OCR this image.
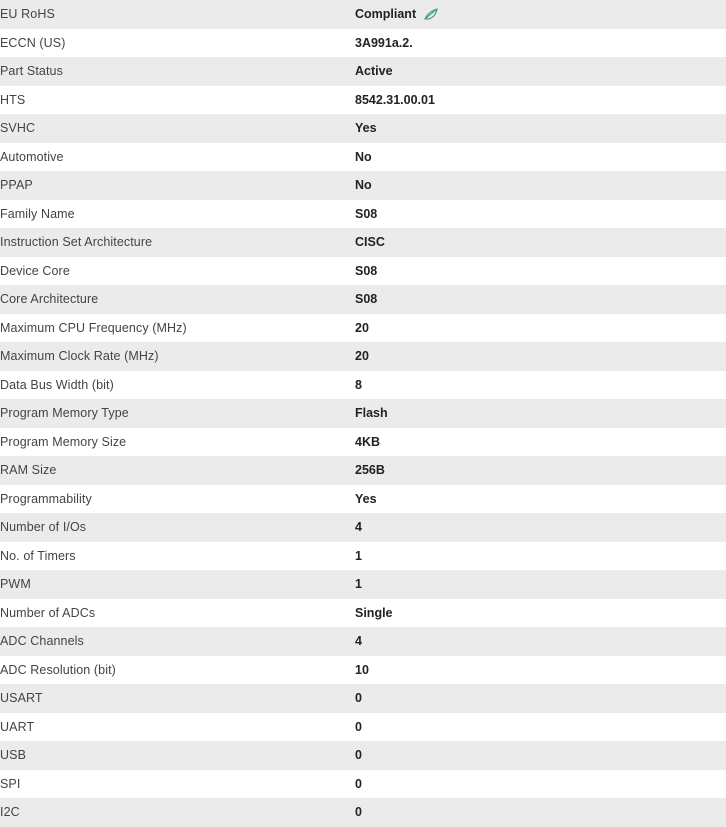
EU RoHS	Compliant

ECCN (US)	3A991a.2.

Part Status	Active

HTS	8542.31.00.01

SVHC	Yes

Automotive	No

PPAP	No

Family Name	S08

Instruction Set Architecture	CISC

Device Core	S08

Core Architecture	S08

Maximum CPU Frequency (MHz)	20

Maximum Clock Rate (MHz)	20

Data Bus Width (bit)	8

Program Memory Type	Flash

Program Memory Size	4KB

RAM Size	256B

Programmability	Yes

Number of I/Os	4

No. of Timers	1

PWM	1

Number of ADCs	Single

ADC Channels	4

ADC Resolution (bit)	10

USART	0

UART	0

USB	0

SPI	0

I2C	0
